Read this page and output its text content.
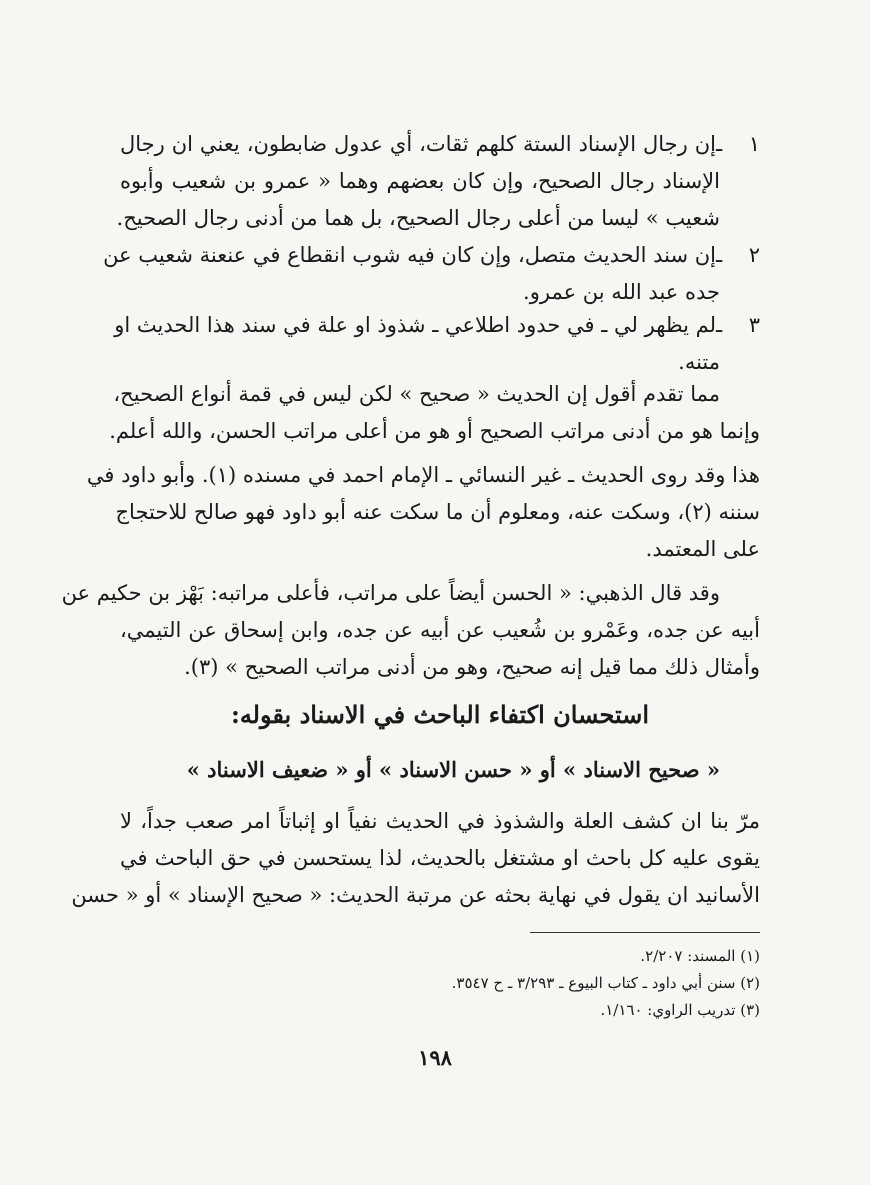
١ ـإن رجال الإسناد الستة كلهم ثقات، أي عدول ضابطون، يعني ان رجال
الإسناد رجال الصحيح، وإن كان بعضهم وهما « عمرو بن شعيب وأبوه
شعيب » ليسا من أعلى رجال الصحيح، بل هما من أدنى رجال الصحيح.
٢ ـإن سند الحديث متصل، وإن كان فيه شوب انقطاع في عنعنة شعيب عن
جده عبد الله بن عمرو.
٣ ـلم يظهر لي ـ في حدود اطلاعي ـ شذوذ او علة في سند هذا الحديث او
متنه.
مما تقدم أقول إن الحديث « صحيح » لكن ليس في قمة أنواع الصحيح،
وإنما هو من أدنى مراتب الصحيح أو هو من أعلى مراتب الحسن، والله أعلم.
هذا وقد روى الحديث ـ غير النسائي ـ الإمام احمد في مسنده (١). وأبو داود في
سننه (٢)، وسكت عنه، ومعلوم أن ما سكت عنه أبو داود فهو صالح للاحتجاج
على المعتمد.
وقد قال الذهبي: « الحسن أيضاً على مراتب، فأعلى مراتبه: بَهْز بن حكيم عن
أبيه عن جده، وعَمْرو بن شُعيب عن أبيه عن جده، وابن إسحاق عن التيمي،
وأمثال ذلك مما قيل إنه صحيح، وهو من أدنى مراتب الصحيح » (٣).
استحسان اكتفاء الباحث في الاسناد بقوله:
« صحيح الاسناد » أو « حسن الاسناد » أو « ضعيف الاسناد »
مرّ بنا ان كشف العلة والشذوذ في الحديث نفياً او إثباتاً امر صعب جداً، لا
يقوى عليه كل باحث او مشتغل بالحديث، لذا يستحسن في حق الباحث في
الأسانيد ان يقول في نهاية بحثه عن مرتبة الحديث: « صحيح الإسناد » أو « حسن
(١) المسند: ٢/٢٠٧.
(٢) سنن أبي داود ـ كتاب البيوع ـ ٣/٢٩٣ ـ ح ٣٥٤٧.
(٣) تدريب الراوي: ١/١٦٠.
١٩٨
